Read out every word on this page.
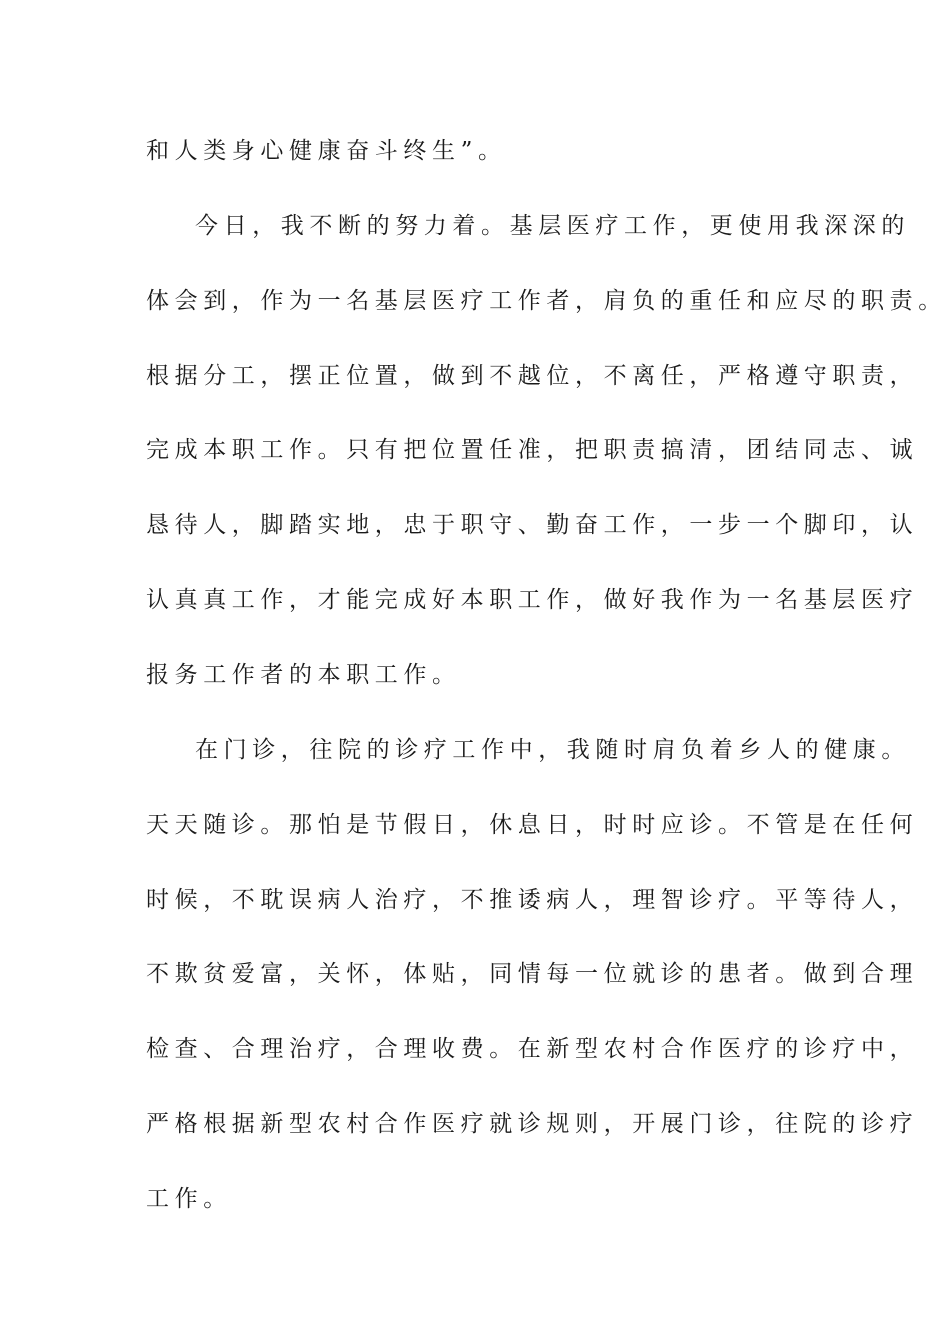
和人类身心健康奋斗终生”。
今日，我不断的努力着。基层医疗工作，更使用我深深的
体会到，作为一名基层医疗工作者，肩负的重任和应尽的职责。
根据分工，摆正位置，做到不越位，不离任，严格遵守职责，
完成本职工作。只有把位置任准，把职责搞清，团结同志、诚
恳待人，脚踏实地，忠于职守、勤奋工作，一步一个脚印，认
认真真工作，才能完成好本职工作，做好我作为一名基层医疗
报务工作者的本职工作。
在门诊，往院的诊疗工作中，我随时肩负着乡人的健康。
天天随诊。那怕是节假日，休息日，时时应诊。不管是在任何
时候，不耽误病人治疗，不推诿病人，理智诊疗。平等待人，
不欺贫爱富，关怀，体贴，同情每一位就诊的患者。做到合理
检查、合理治疗，合理收费。在新型农村合作医疗的诊疗中，
严格根据新型农村合作医疗就诊规则，开展门诊，往院的诊疗
工作。
